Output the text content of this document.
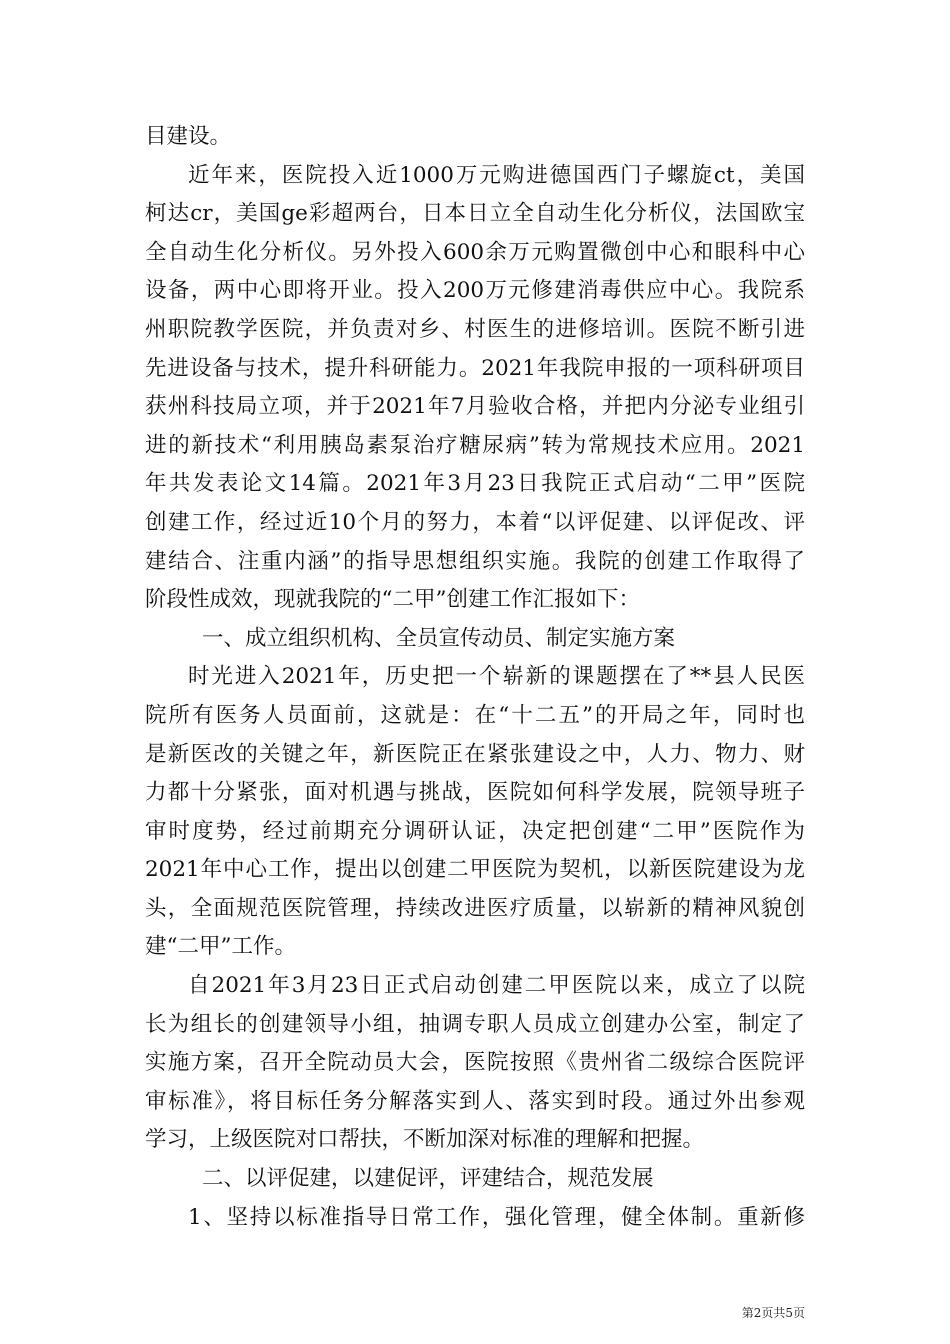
目建设。
近年来，医院投入近1000万元购进德国西门子螺旋ct，美国
柯达cr，美国ge彩超两台，日本日立全自动生化分析仪，法国欧宝
全自动生化分析仪。另外投入600余万元购置微创中心和眼科中心
设备，两中心即将开业。投入200万元修建消毒供应中心。我院系
州职院教学医院，并负责对乡、村医生的进修培训。医院不断引进
先进设备与技术，提升科研能力。2021年我院申报的一项科研项目
获州科技局立项，并于2021年7月验收合格，并把内分泌专业组引
进的新技术“利用胰岛素泵治疗糖尿病”转为常规技术应用。2021
年共发表论文14篇。2021年3月23日我院正式启动“二甲”医院
创建工作，经过近10个月的努力，本着“以评促建、以评促改、评
建结合、注重内涵”的指导思想组织实施。我院的创建工作取得了
阶段性成效，现就我院的“二甲”创建工作汇报如下：
一、成立组织机构、全员宣传动员、制定实施方案
时光进入2021年，历史把一个崭新的课题摆在了**县人民医
院所有医务人员面前，这就是：在“十二五”的开局之年，同时也
是新医改的关键之年，新医院正在紧张建设之中，人力、物力、财
力都十分紧张，面对机遇与挑战，医院如何科学发展，院领导班子
审时度势，经过前期充分调研认证，决定把创建“二甲”医院作为
2021年中心工作，提出以创建二甲医院为契机，以新医院建设为龙
头，全面规范医院管理，持续改进医疗质量，以崭新的精神风貌创
建“二甲”工作。
自2021年3月23日正式启动创建二甲医院以来，成立了以院
长为组长的创建领导小组，抽调专职人员成立创建办公室，制定了
实施方案，召开全院动员大会，医院按照《贵州省二级综合医院评
审标准》，将目标任务分解落实到人、落实到时段。通过外出参观
学习，上级医院对口帮扶，不断加深对标准的理解和把握。
二、以评促建，以建促评，评建结合，规范发展
1、坚持以标准指导日常工作，强化管理，健全体制。重新修
第2页共5页
